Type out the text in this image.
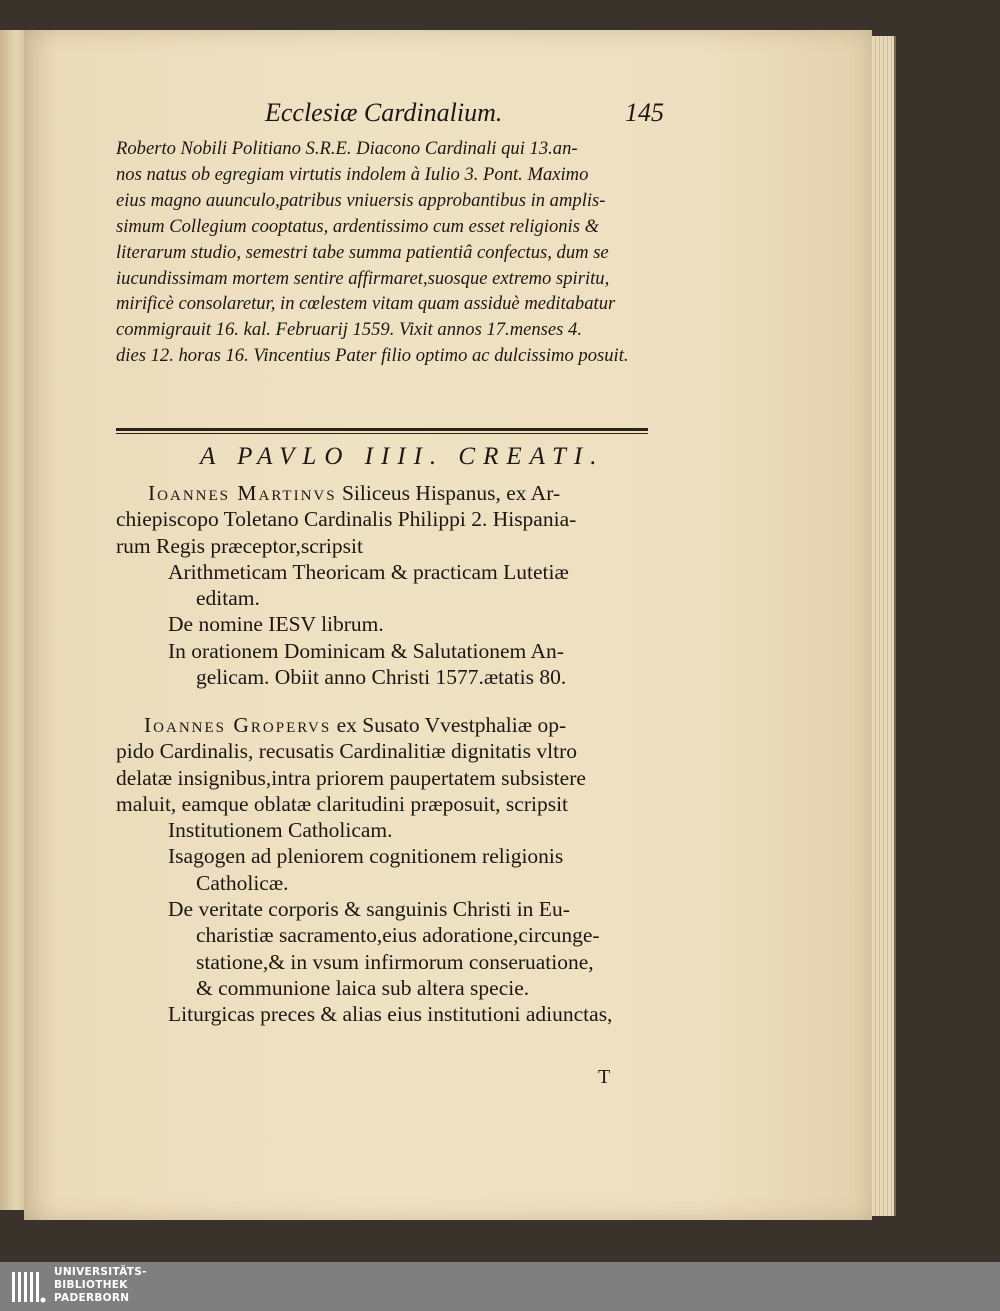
Ecclesiæ Cardinalium.	145
Roberto Nobili Politiano S.R.E. Diacono Cardinali qui 13.an-
nos natus ob egregiam virtutis indolem à Iulio 3. Pont. Maximo
eius magno auunculo,patribus vniuersis approbantibus in amplis-
simum Collegium cooptatus, ardentissimo cum esset religionis &
literarum studio, semestri tabe summa patientiâ confectus, dum se
iucundissimam mortem sentire affirmaret,suosque extremo spiritu,
mirificè consolaretur, in cœlestem vitam quam assiduè meditabatur
commigrauit 16. kal. Februarij 1559. Vixit annos 17.menses 4.
dies 12. horas 16. Vincentius Pater filio optimo ac dulcissimo posuit.
A PAVLO IIII. CREATI.
Ioannes Martinvs Siliceus Hispanus, ex Ar-
chiepiscopo Toletano Cardinalis Philippi 2. Hispania-
rum Regis præceptor,scripsit
Arithmeticam Theoricam & practicam Lutetiæ
editam.
De nomine IESV librum.
In orationem Dominicam & Salutationem An-
gelicam. Obiit anno Christi 1577.ætatis 80.
Ioannes Gropervs ex Susato Vvestphaliæ op-
pido Cardinalis, recusatis Cardinalitiæ dignitatis vltro
delatæ insignibus,intra priorem paupertatem subsistere
maluit, eamque oblatæ claritudini præposuit, scripsit
Institutionem Catholicam.
Isagogen ad pleniorem cognitionem religionis
Catholicæ.
De veritate corporis & sanguinis Christi in Eu-
charistiæ sacramento,eius adoratione,circunge-
statione,& in vsum infirmorum conseruatione,
& communione laica sub altera specie.
Liturgicas preces & alias eius institutioni adiunctas,
T
UNIVERSITÄTS-
BIBLIOTHEK
PADERBORN
